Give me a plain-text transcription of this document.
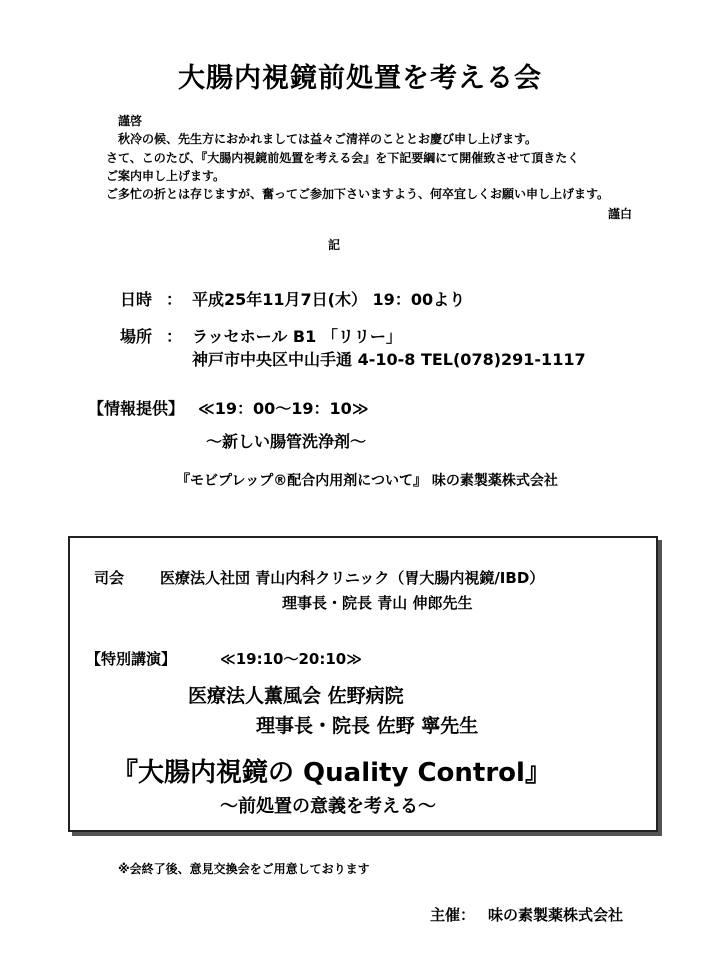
大腸内視鏡前処置を考える会
謹啓
秋冷の候、先生方におかれましては益々ご清祥のこととお慶び申し上げます。
さて、このたび、『大腸内視鏡前処置を考える会』を下記要綱にて開催致させて頂きたく
ご案内申し上げます。
ご多忙の折とは存じますが、奮ってご参加下さいますよう、何卒宜しくお願い申し上げます。
謹白
記
日時 ： 平成25年11月7日(木） 19：00より
場所 ： ラッセホール B1 「リリー」
神戸市中央区中山手通 4-10-8 TEL(078)291-1117
【情報提供】 ≪19：00～19：10≫
～新しい腸管洗浄剤～
『モビプレップ®配合内用剤について』 味の素製薬株式会社
司会 医療法人社団 青山内科クリニック（胃大腸内視鏡/IBD）
理事長・院長 青山 伸郎先生
【特別講演】	≪19:10～20:10≫
医療法人薫風会 佐野病院
理事長・院長 佐野 寧先生
『大腸内視鏡の Quality Control』
～前処置の意義を考える～
※会終了後、意見交換会をご用意しております
主催： 味の素製薬株式会社
